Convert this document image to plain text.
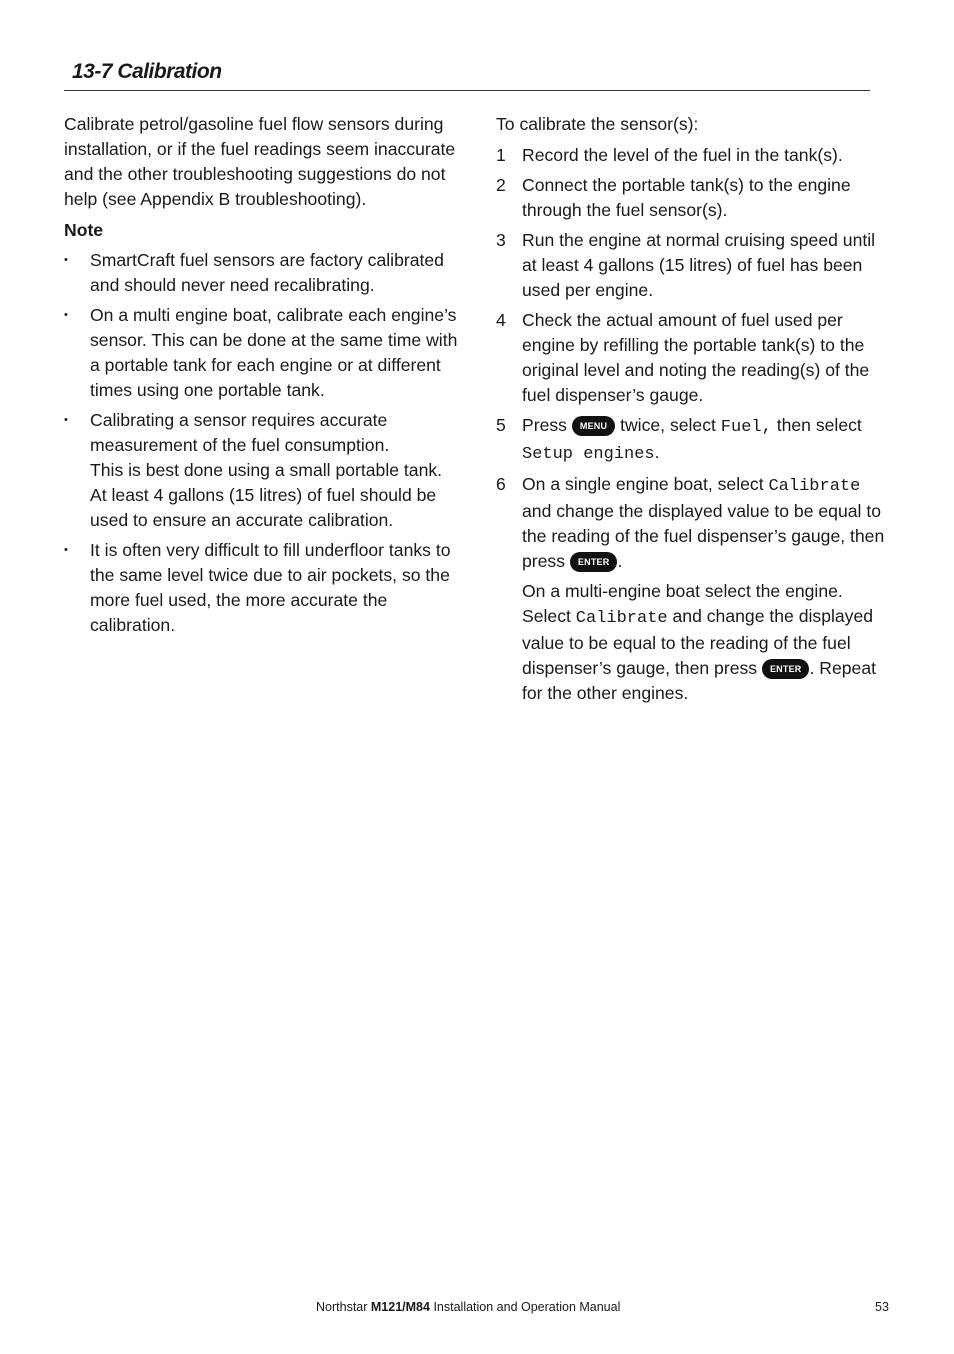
13-7 Calibration

Calibrate petrol/gasoline fuel flow sensors during installation, or if the fuel readings seem inaccurate and the other troubleshooting suggestions do not help (see Appendix B troubleshooting).

Note

• SmartCraft fuel sensors are factory calibrated and should never need recalibrating.
• On a multi engine boat, calibrate each engine’s sensor. This can be done at the same time with a portable tank for each engine or at different times using one portable tank.
• Calibrating a sensor requires accurate measurement of the fuel consumption.
This is best done using a small portable tank. At least 4 gallons (15 litres) of fuel should be used to ensure an accurate calibration.
• It is often very difficult to fill underfloor tanks to the same level twice due to air pockets, so the more fuel used, the more accurate the calibration.

To calibrate the sensor(s):

1 Record the level of the fuel in the tank(s).
2 Connect the portable tank(s) to the engine through the fuel sensor(s).
3 Run the engine at normal cruising speed until at least 4 gallons (15 litres) of fuel has been used per engine.
4 Check the actual amount of fuel used per engine by refilling the portable tank(s) to the original level and noting the reading(s) of the fuel dispenser’s gauge.
5 Press MENU twice, select Fuel, then select Setup engines.
6 On a single engine boat, select Calibrate and change the displayed value to be equal to the reading of the fuel dispenser’s gauge, then press ENTER .

On a multi-engine boat select the engine. Select Calibrate and change the displayed value to be equal to the reading of the fuel dispenser’s gauge, then press ENTER . Repeat for the other engines.

Northstar M121/M84 Installation and Operation Manual	53
